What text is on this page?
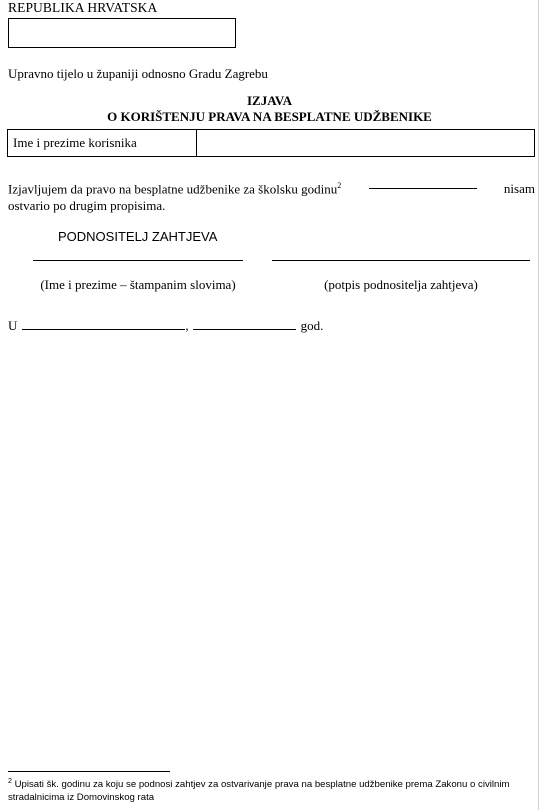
REPUBLIKA HRVATSKA
Upravno tijelo u županiji odnosno Gradu Zagrebu
IZJAVA
O KORIŠTENJU PRAVA NA BESPLATNE UDŽBENIKE
Ime i prezime korisnika
Izjavljujem da pravo na besplatne udžbenike za školsku godinu$^2$	nisam
ostvario po drugim propisima.
PODNOSITELJ ZAHTJEVA
(Ime i prezime – štampanim slovima)	(potpis podnositelja zahtjeva)
U	,	god.
$^2$ Upisati šk. godinu za koju se podnosi zahtjev za ostvarivanje prava na besplatne udžbenike prema Zakonu o civilnim stradalnicima iz Domovinskog rata
